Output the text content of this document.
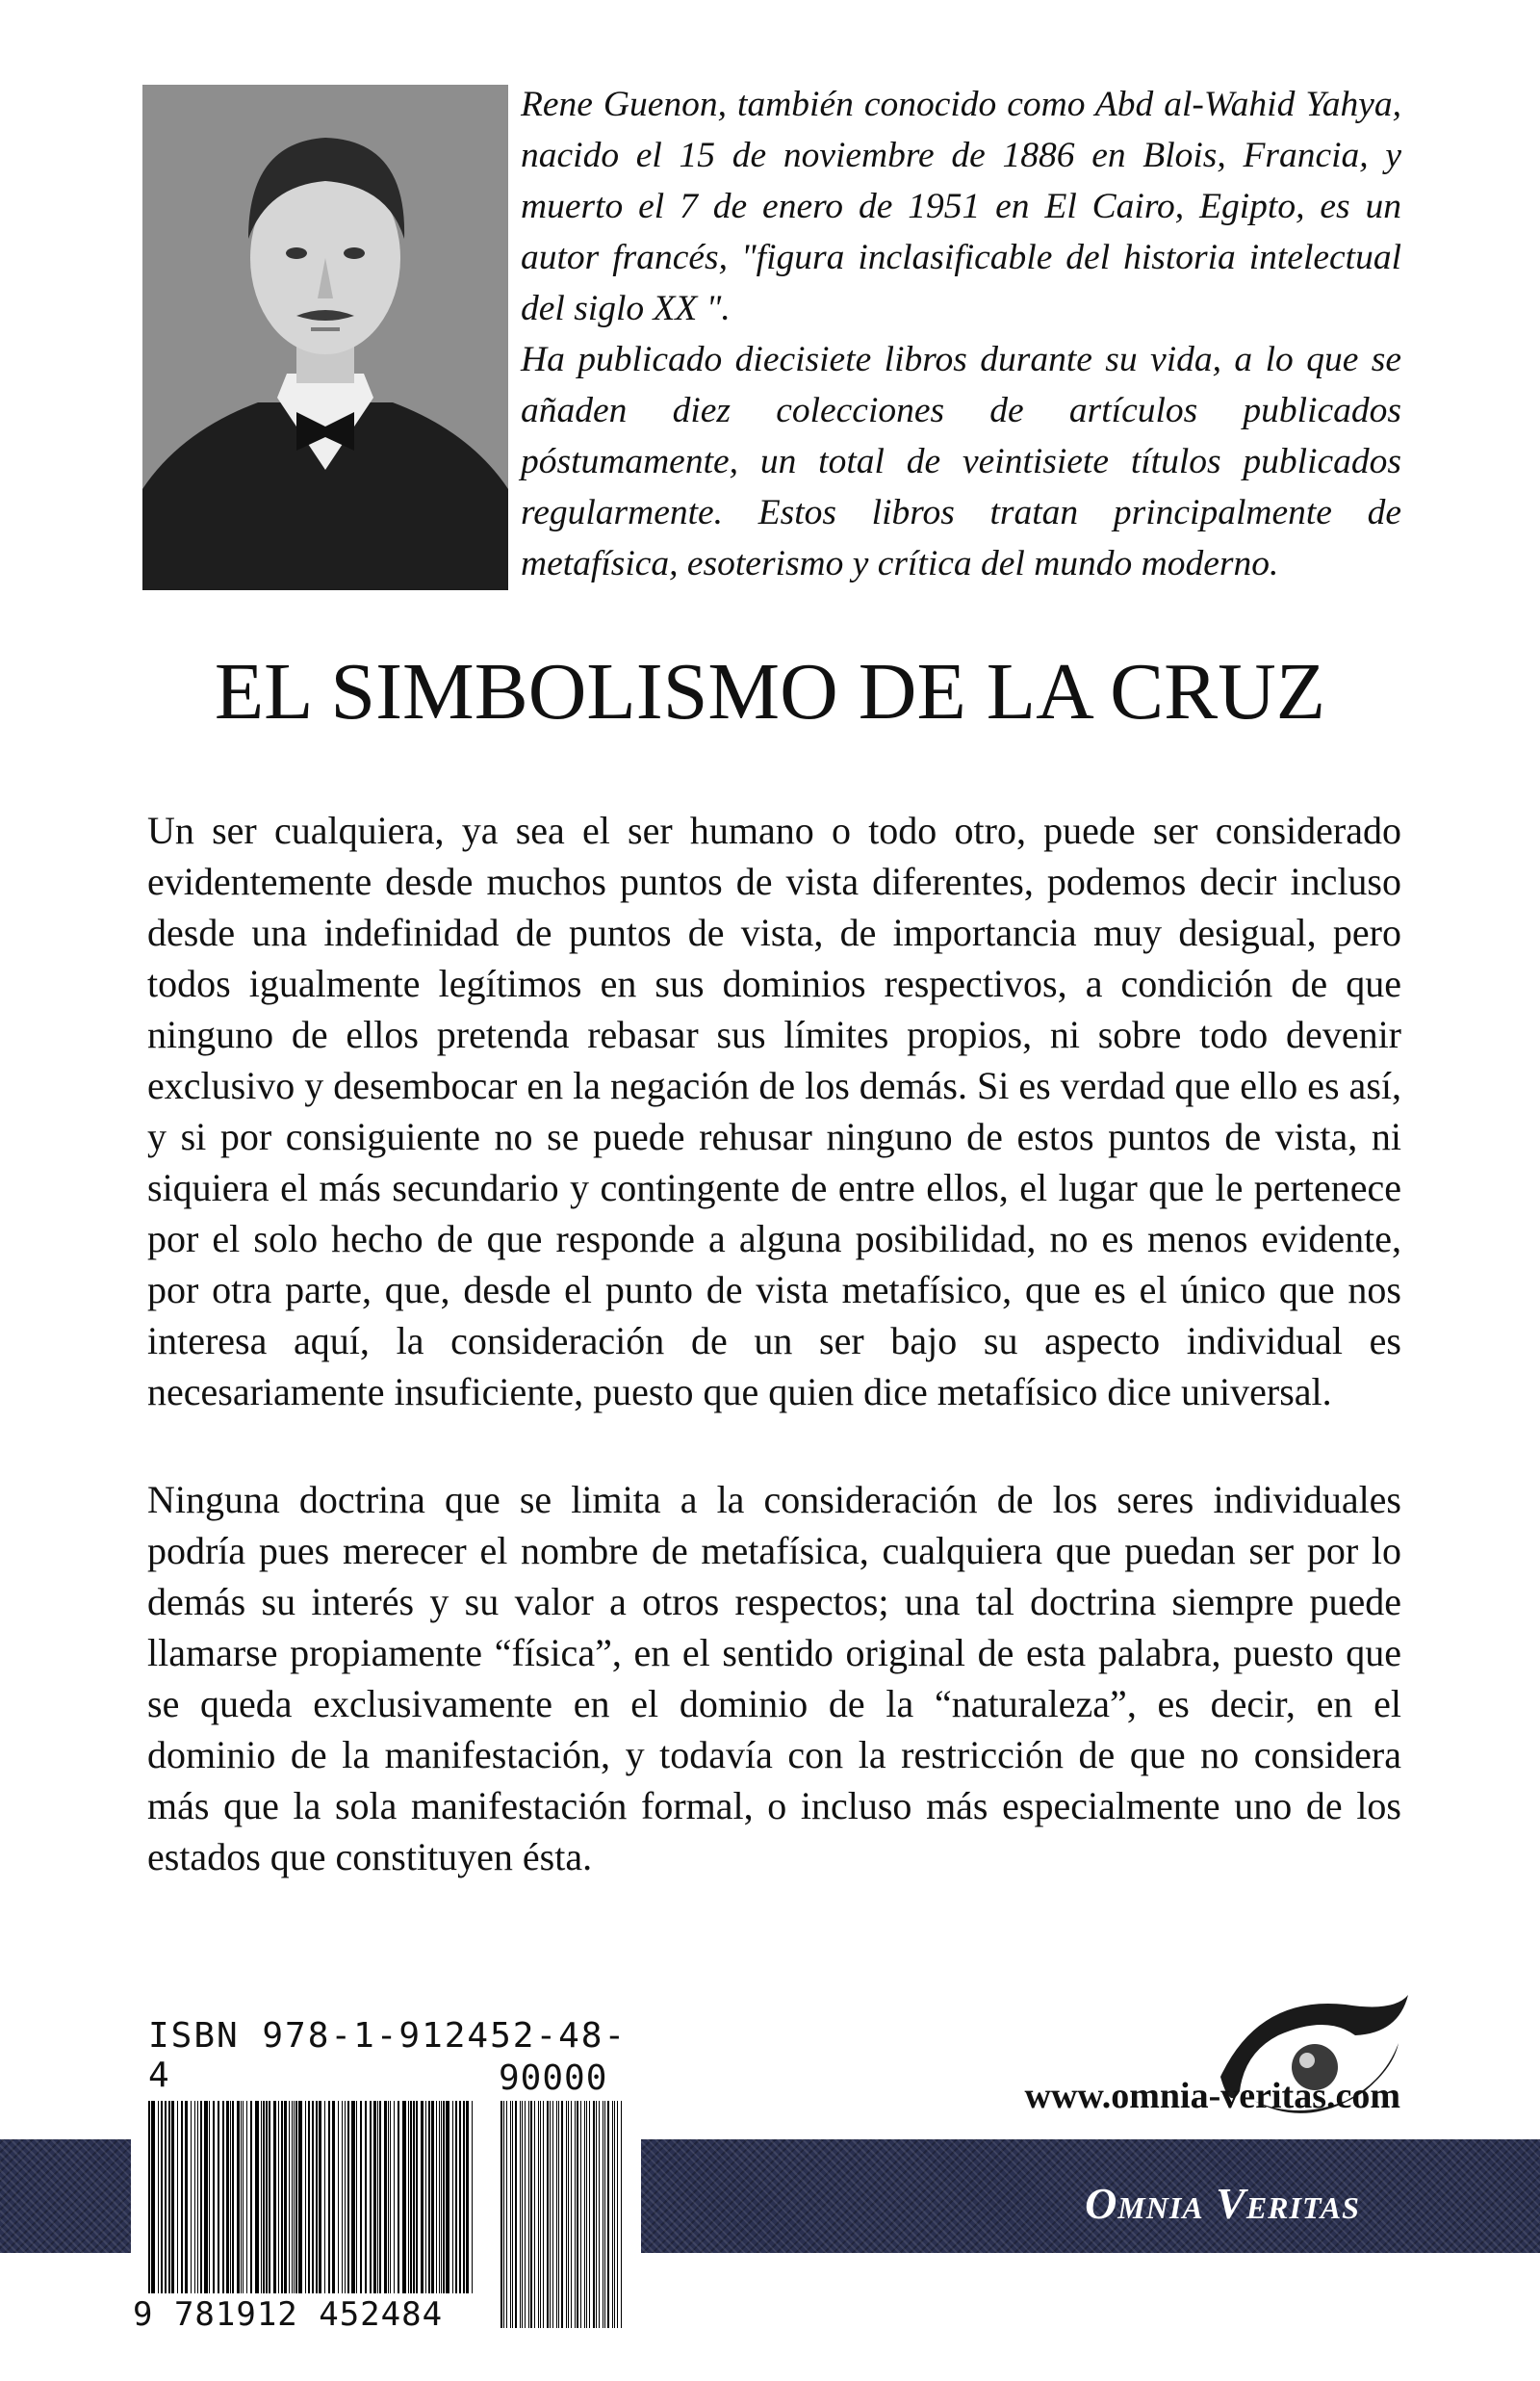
Rene Guenon, también conocido como Abd al-Wahid Yahya, nacido el 15 de noviembre de 1886 en Blois, Francia, y muerto el 7 de enero de 1951 en El Cairo, Egipto, es un autor francés, "figura inclasificable del historia intelectual del siglo XX ".

Ha publicado diecisiete libros durante su vida, a lo que se añaden diez colecciones de artículos publicados póstumamente, un total de veintisiete títulos publicados regularmente. Estos libros tratan principalmente de metafísica, esoterismo y crítica del mundo moderno.

EL SIMBOLISMO DE LA CRUZ

Un ser cualquiera, ya sea el ser humano o todo otro, puede ser considerado evidentemente desde muchos puntos de vista diferentes, podemos decir incluso desde una indefinidad de puntos de vista, de importancia muy desigual, pero todos igualmente legítimos en sus dominios respectivos, a condición de que ninguno de ellos pretenda rebasar sus límites propios, ni sobre todo devenir exclusivo y desembocar en la negación de los demás. Si es verdad que ello es así, y si por consiguiente no se puede rehusar ninguno de estos puntos de vista, ni siquiera el más secundario y contingente de entre ellos, el lugar que le pertenece por el solo hecho de que responde a alguna posibilidad, no es menos evidente, por otra parte, que, desde el punto de vista metafísico, que es el único que nos interesa aquí, la consideración de un ser bajo su aspecto individual es necesariamente insuficiente, puesto que quien dice metafísico dice universal.

Ninguna doctrina que se limita a la consideración de los seres individuales podría pues merecer el nombre de metafísica, cualquiera que puedan ser por lo demás su interés y su valor a otros respectos; una tal doctrina siempre puede llamarse propiamente “física”, en el sentido original de esta palabra, puesto que se queda exclusivamente en el dominio de la “naturaleza”, es decir, en el dominio de la manifestación, y todavía con la restricción de que no considera más que la sola manifestación formal, o incluso más especialmente uno de los estados que constituyen ésta.

ISBN 978-1-912452-48-4	90000

9 781912 452484

www.omnia-veritas.com

Omnia Veritas
